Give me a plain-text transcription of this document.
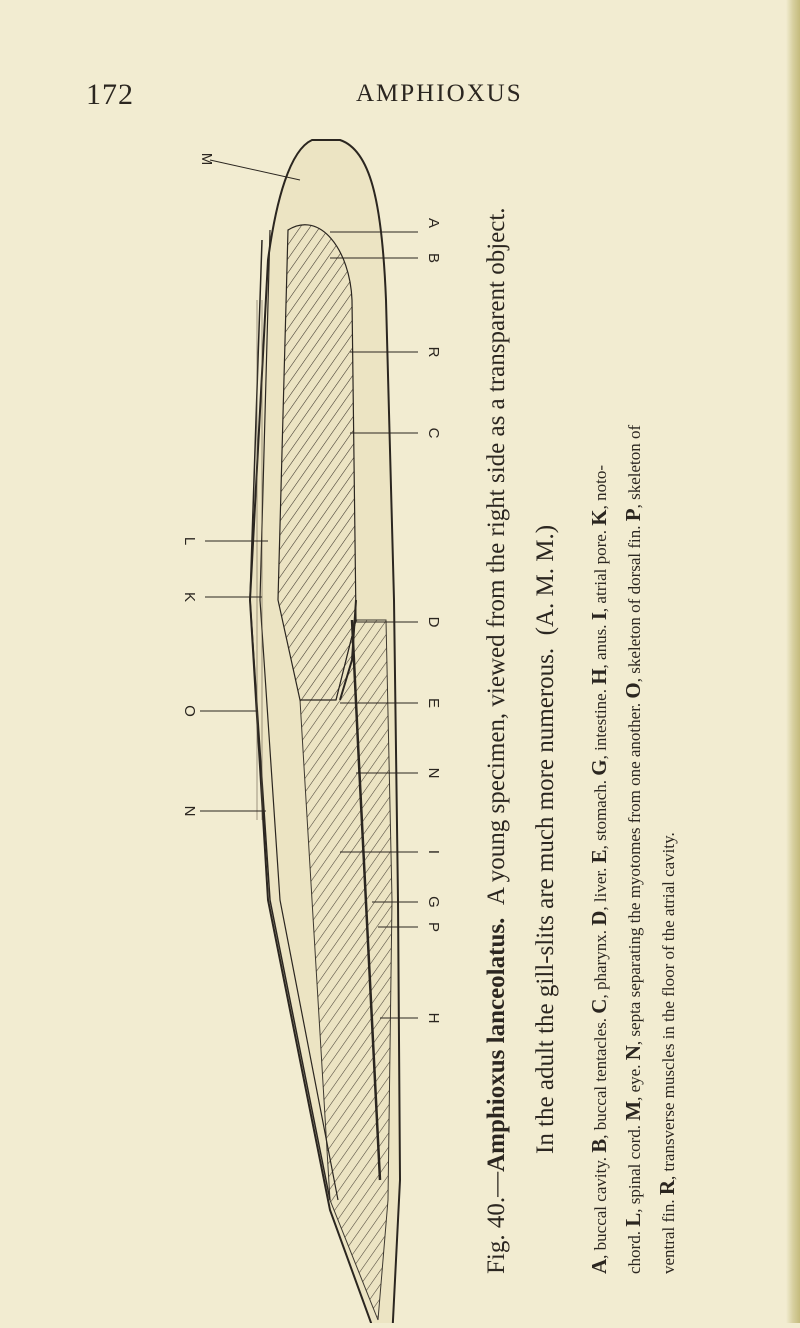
172	AMPHIOXUS
M
A
B
R
C
L
K
D
O
E
N
N
I
G
P
H
Fig. 40.—Amphioxus lanceolatus.  A young specimen, viewed from the right side as a transparent object. In the adult the gill-slits are much more numerous.  (A. M. M.)
A, buccal cavity. B, buccal tentacles. C, pharynx. D, liver. E, stomach. G, intestine. H, anus. I, atrial pore. K, noto-
chord. L, spinal cord. M, eye. N, septa separating the myotomes from one another. O, skeleton of dorsal fin. P, skeleton of
ventral fin. R, transverse muscles in the floor of the atrial cavity.
